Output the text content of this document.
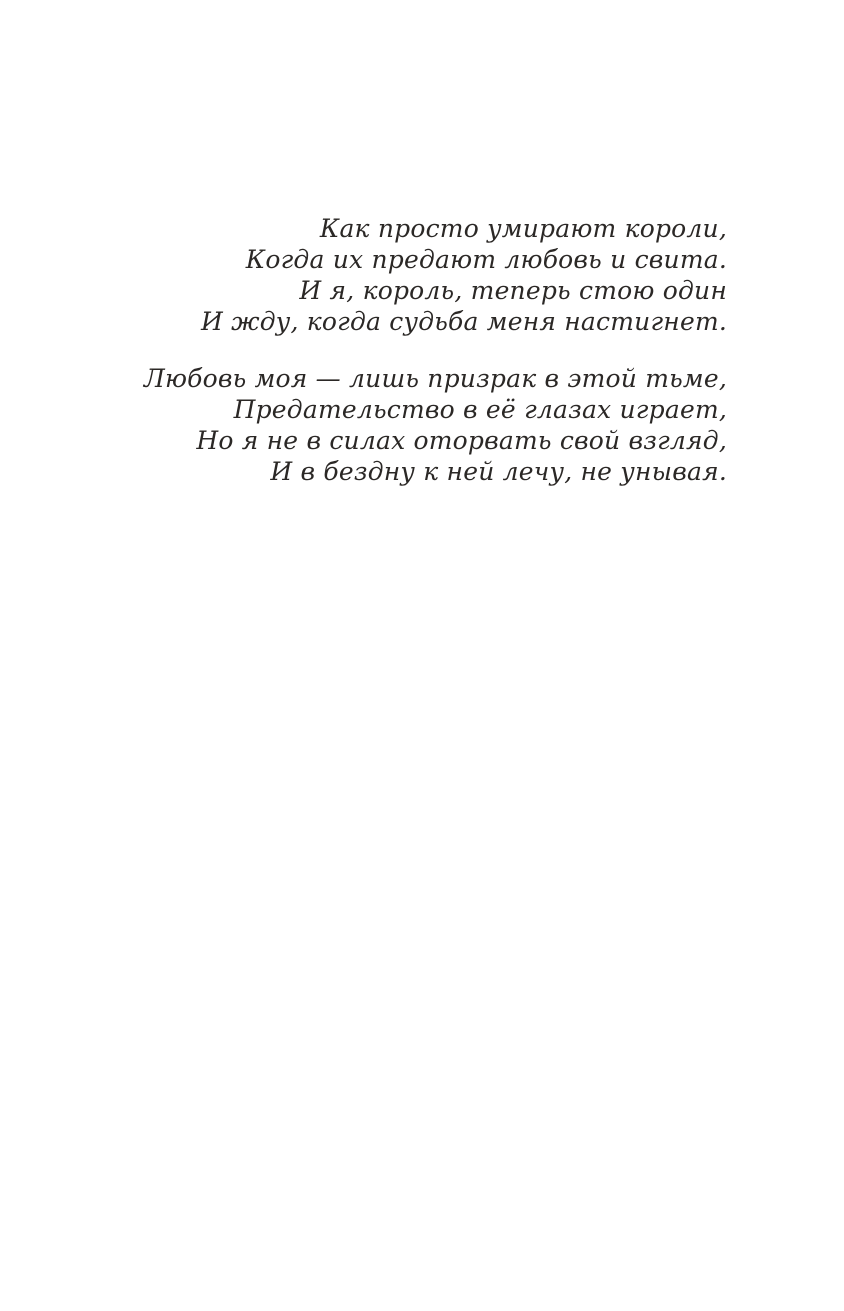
Как просто умирают короли,
Когда их предают любовь и свита.
И я, король, теперь стою один
И жду, когда судьба меня настигнет.
Любовь моя — лишь призрак в этой тьме,
Предательство в её глазах играет,
Но я не в силах оторвать свой взгляд,
И в бездну к ней лечу, не унывая.
